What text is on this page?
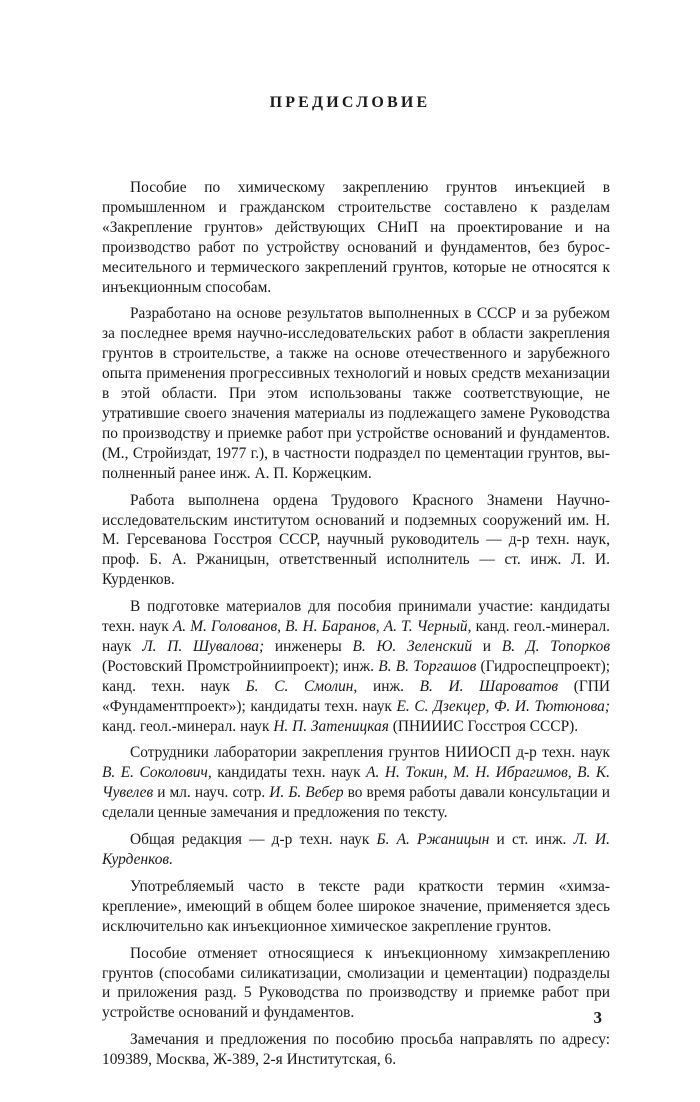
ПРЕДИСЛОВИЕ

Пособие по химическому закреплению грунтов инъекцией в промышленном и гражданском строительстве составлено к разделам «Закрепление грунтов» действующих СНиП на проектирование и на производство работ по устройству оснований и фундаментов, без буросмесительного и термического закреплений грунтов, которые не относятся к инъекционным способам.

Разработано на основе результатов выполненных в СССР и за рубежом за последнее время научно-исследовательских работ в области закрепления грунтов в строительстве, а также на основе отечественного и зарубежного опыта применения прогрессивных технологий и новых средств механизации в этой области. При этом использованы также соответствующие, не утратившие своего значения материалы из подлежащего замене Руководства по производству и приемке работ при устройстве оснований и фундаментов. (М., Стройиздат, 1977 г.), в частности подраздел по цементации грунтов, выполненный ранее инж. А. П. Коржецким.

Работа выполнена ордена Трудового Красного Знамени Научно-исследовательским институтом оснований и подземных сооружений им. Н. М. Герсеванова Госстроя СССР, научный руководитель — д-р техн. наук, проф. Б. А. Ржаницын, ответственный исполнитель — ст. инж. Л. И. Курденков.

В подготовке материалов для пособия принимали участие: кандидаты техн. наук А. М. Голованов, В. Н. Баранов, А. Т. Черный, канд. геол.-минерал. наук Л. П. Шувалова; инженеры В. Ю. Зеленский и В. Д. Топорков (Ростовский Промстройниипроект); инж. В. В. Торгашов (Гидроспецпроект); канд. техн. наук Б. С. Смолин, инж. В. И. Шароватов (ГПИ «Фундаментпроект»); кандидаты техн. наук Е. С. Дзекцер, Ф. И. Тютюнова; канд. геол.-минерал. наук Н. П. Затеницкая (ПНИИИС Госстроя СССР).

Сотрудники лаборатории закрепления грунтов НИИОСП д-р техн. наук В. Е. Соколович, кандидаты техн. наук А. Н. Токин, М. Н. Ибрагимов, В. К. Чувелев и мл. науч. сотр. И. Б. Вебер во время работы давали консультации и сделали ценные замечания и предложения по тексту.

Общая редакция — д-р техн. наук Б. А. Ржаницын и ст. инж. Л. И. Курденков.

Употребляемый часто в тексте ради краткости термин «химзакрепление», имеющий в общем более широкое значение, применяется здесь исключительно как инъекционное химическое закрепление грунтов.

Пособие отменяет относящиеся к инъекционному химзакреплению грунтов (способами силикатизации, смолизации и цементации) подразделы и приложения разд. 5 Руководства по производству и приемке работ при устройстве оснований и фундаментов.

Замечания и предложения по пособию просьба направлять по адресу: 109389, Москва, Ж-389, 2-я Институтская, 6.

3
